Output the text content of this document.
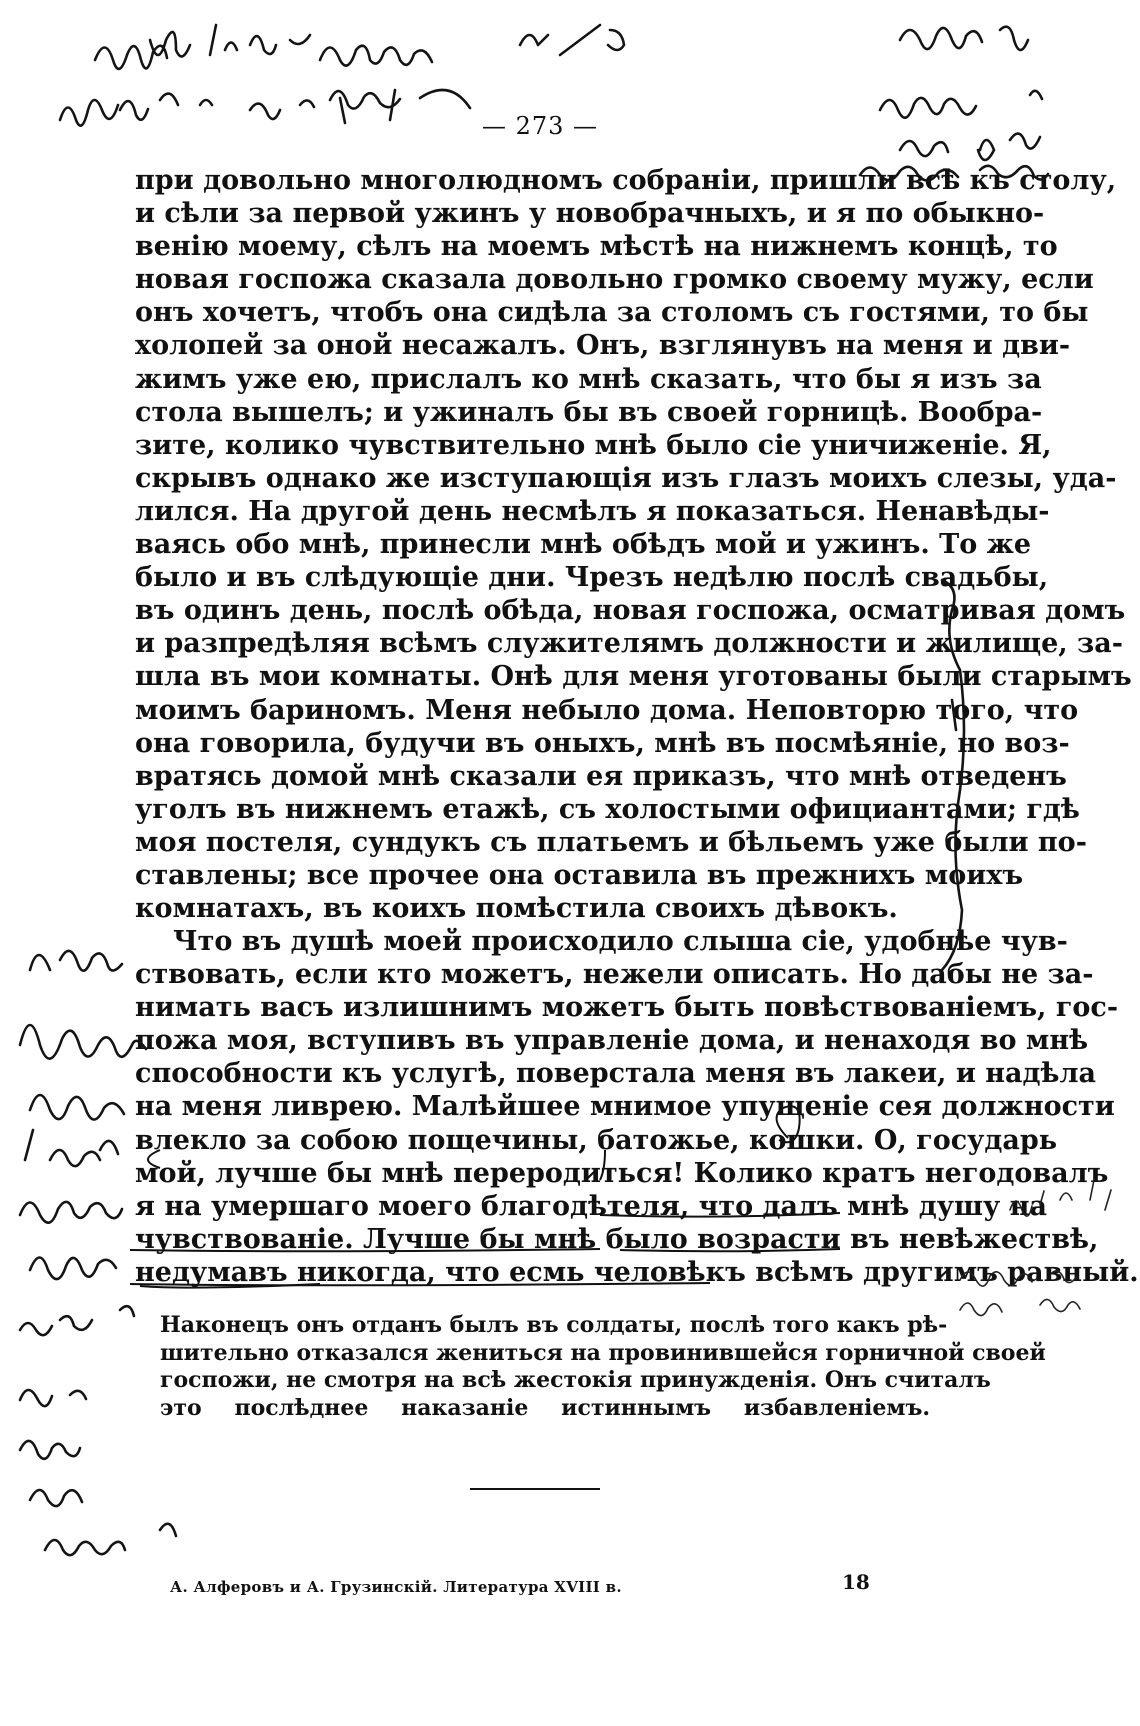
— 273 —
при довольно многолюдномъ собраніи, пришли всѣ къ столу,
и сѣли за первой ужинъ у новобрачныхъ, и я по обыкно-
венію моему, сѣлъ на моемъ мѣстѣ на нижнемъ концѣ, то
новая госпожа сказала довольно громко своему мужу, если
онъ хочетъ, чтобъ она сидѣла за столомъ съ гостями, то бы
холопей за оной несажалъ. Онъ, взглянувъ на меня и дви-
жимъ уже ею, прислалъ ко мнѣ сказать, что бы я изъ за
стола вышелъ; и ужиналъ бы въ своей горницѣ. Вообра-
зите, колико чувствительно мнѣ было сіе уничиженіе. Я,
скрывъ однако же изступающія изъ глазъ моихъ слезы, уда-
лился. На другой день несмѣлъ я показаться. Ненавѣды-
ваясь обо мнѣ, принесли мнѣ обѣдъ мой и ужинъ. То же
было и въ слѣдующіе дни. Чрезъ недѣлю послѣ свадьбы,
въ одинъ день, послѣ обѣда, новая госпожа, осматривая домъ
и разпредѣляя всѣмъ служителямъ должности и жилище, за-
шла въ мои комнаты. Онѣ для меня уготованы были старымъ
моимъ бариномъ. Меня небыло дома. Неповторю того, что
она говорила, будучи въ оныхъ, мнѣ въ посмѣяніе, но воз-
вратясь домой мнѣ сказали ея приказъ, что мнѣ отведенъ
уголъ въ нижнемъ етажѣ, съ холостыми официантами; гдѣ
моя постеля, сундукъ съ платьемъ и бѣльемъ уже были по-
ставлены; все прочее она оставила въ прежнихъ моихъ
комнатахъ, въ коихъ помѣстила своихъ дѣвокъ.
Что въ душѣ моей происходило слыша сіе, удобнѣе чув-
ствовать, если кто можетъ, нежели описать. Но дабы не за-
нимать васъ излишнимъ можетъ быть повѣствованіемъ, гос-
пожа моя, вступивъ въ управленіе дома, и ненаходя во мнѣ
способности къ услугѣ, поверстала меня въ лакеи, и надѣла
на меня ливрею. Малѣйшее мнимое упущеніе сея должности
влекло за собою пощечины, батожье, кошки. О, государь
мой, лучше бы мнѣ переродиться! Колико кратъ негодовалъ
я на умершаго моего благодѣтеля, что далъ мнѣ душу на
чувствованіе. Лучше бы мнѣ было возрасти въ невѣжествѣ,
недумавъ никогда, что есмь человѣкъ всѣмъ другимъ равный.
Наконецъ онъ отданъ былъ въ солдаты, послѣ того какъ рѣ-
шительно отказался жениться на провинившейся горничной своей
госпожи, не смотря на всѣ жестокія принужденія. Онъ считалъ
это послѣднее наказаніе истиннымъ избавленіемъ.
А. Алферовъ и А. Грузинскій. Литература XVIII в.	18
